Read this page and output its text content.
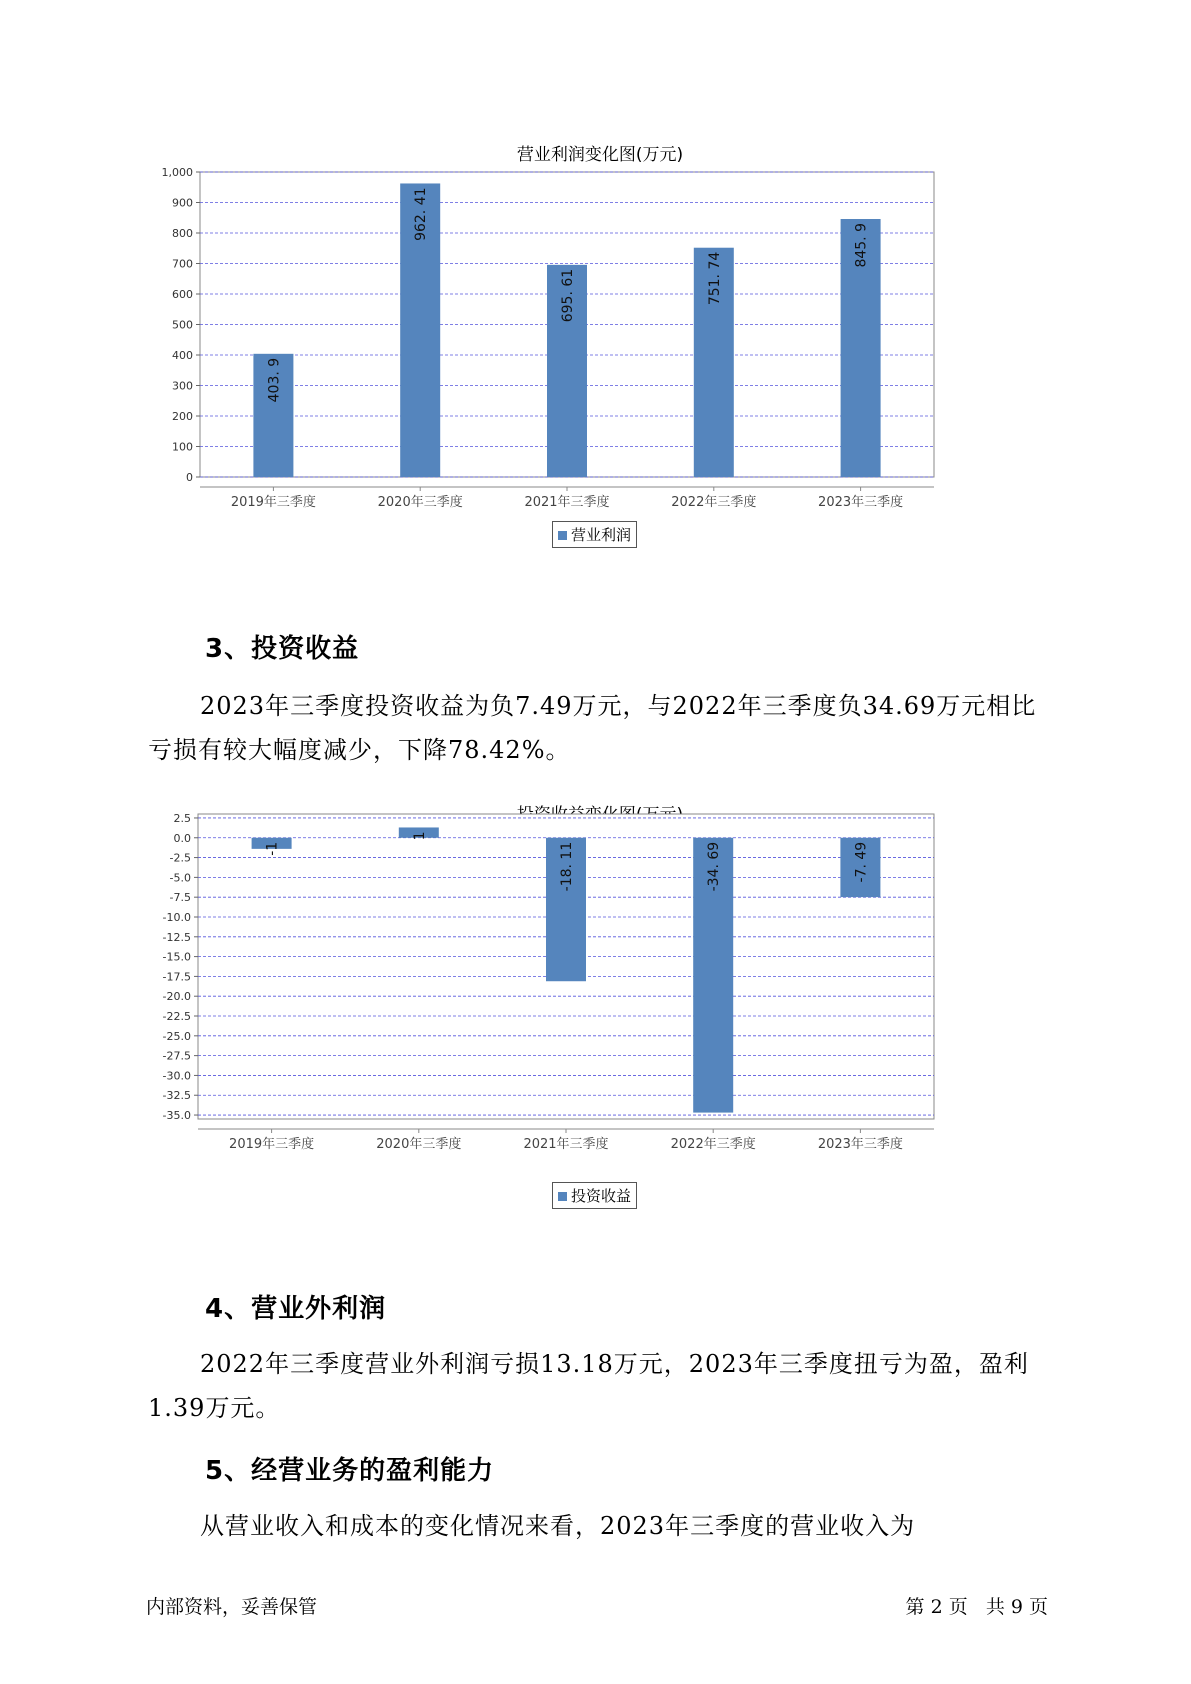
营业利润变化图(万元)
0
100
200
300
400
500
600
700
800
900
1,000
2019年三季度
403. 9
2020年三季度
962. 41
2021年三季度
695. 61
2022年三季度
751. 74
2023年三季度
845. 9
营业利润
3、投资收益
2023年三季度投资收益为负7.49万元，与2022年三季度负34.69万元相比亏损有较大幅度减少，下降78.42%。
2.5
0.0
-2.5
-5.0
-7.5
-10.0
-12.5
-15.0
-17.5
-20.0
-22.5
-25.0
-27.5
-30.0
-32.5
-35.0
2019年三季度
-1
2020年三季度
1
2021年三季度
-18. 11
2022年三季度
-34. 69
2023年三季度
-7. 49
投资收益
4、营业外利润
2022年三季度营业外利润亏损13.18万元，2023年三季度扭亏为盈，盈利1.39万元。
5、经营业务的盈利能力
从营业收入和成本的变化情况来看，2023年三季度的营业收入为
内部资料，妥善保管	第 2 页   共 9 页
